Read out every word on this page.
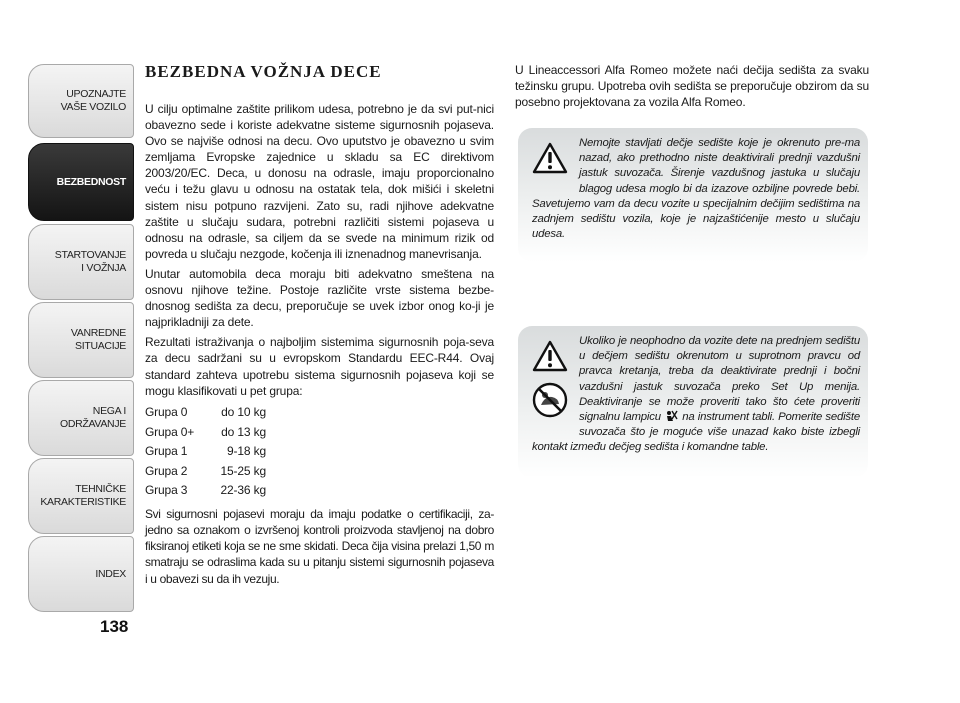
UPOZNAJTE
VAŠE VOZILO
BEZBEDNOST
STARTOVANJE
I VOŽNJA
VANREDNE
SITUACIJE
NEGA I
ODRŽAVANJE
TEHNIČKE
KARAKTERISTIKE
INDEX
138
BEZBEDNA VOŽNJA DECE

U cilju optimalne zaštite prilikom udesa, potrebno je da svi put-nici obavezno sede i koriste adekvatne sisteme sigurnosnih pojaseva. Ovo se najviše odnosi na decu. Ovo uputstvo je obavezno u svim zemljama Evropske zajednice u skladu sa EC direktivom 2003/20/EC. Deca, u donosu na odrasle, imaju proporcionalno veću i težu glavu u odnosu na ostatak tela, dok mišići i skeletni sistem nisu potpuno razvijeni. Zato su, radi njihove adekvatne zaštite u slučaju sudara, potrebni različiti sistemi pojaseva u odnosu na odrasle, sa ciljem da se svede na minimum rizik od povreda u slučaju nezgode, kočenja ili iznenadnog manevrisanja.

Unutar automobila deca moraju biti adekvatno smeštena na osnovu njihove težine. Postoje različite vrste sistema bezbe-dnosnog sedišta za decu, preporučuje se uvek izbor onog ko-ji je najprikladniji za dete.

Rezultati istraživanja o najboljim sistemima sigurnosnih poja-seva za decu sadržani su u evropskom Standardu EEC-R44. Ovaj standard zahteva upotrebu sistema sigurnosnih pojaseva koji se mogu klasifikovati u pet grupa:

Grupa 0	do 10 kg
Grupa 0+	do 13 kg
Grupa 1	9-18 kg
Grupa 2	15-25 kg
Grupa 3	22-36 kg

Svi sigurnosni pojasevi moraju da imaju podatke o certifikaciji, za-jedno sa oznakom o izvršenoj kontroli proizvoda stavljenoj na dobro fiksiranoj etiketi koja se ne sme skidati. Deca čija visina prelazi 1,50 m smatraju se odraslima kada su u pitanju sistemi sigurnosnih pojaseva i u obavezi su da ih vezuju.

U Lineaccessori Alfa Romeo možete naći dečija sedišta za svaku težinsku grupu. Upotreba ovih sedišta se preporučuje obzirom da su posebno projektovana za vozila Alfa Romeo.

Nemojte stavljati dečje sedište koje je okrenuto pre-ma nazad, ako prethodno niste deaktivirali prednji vazdušni jastuk suvozača. Širenje vazdušnog jastuka u slučaju blagog udesa moglo bi da izazove ozbiljne povrede bebi. Savetujemo vam da decu vozite u specijalnim dečijim sedištima na zadnjem sedištu vozila, koje je najzaštićenije mesto u slučaju udesa.

Ukoliko je neophodno da vozite dete na prednjem sedištu u dečjem sedištu okrenutom u suprotnom pravcu od pravca kretanja, treba da deaktivirate prednji i bočni vazdušni jastuk suvozača preko Set Up menija. Deaktiviranje se može proveriti tako što ćete proveriti signalnu lampicu na instrument tabli. Pomerite sedište suvozača što je moguće više unazad kako biste izbegli kontakt između dečjeg sedišta i komandne table.
